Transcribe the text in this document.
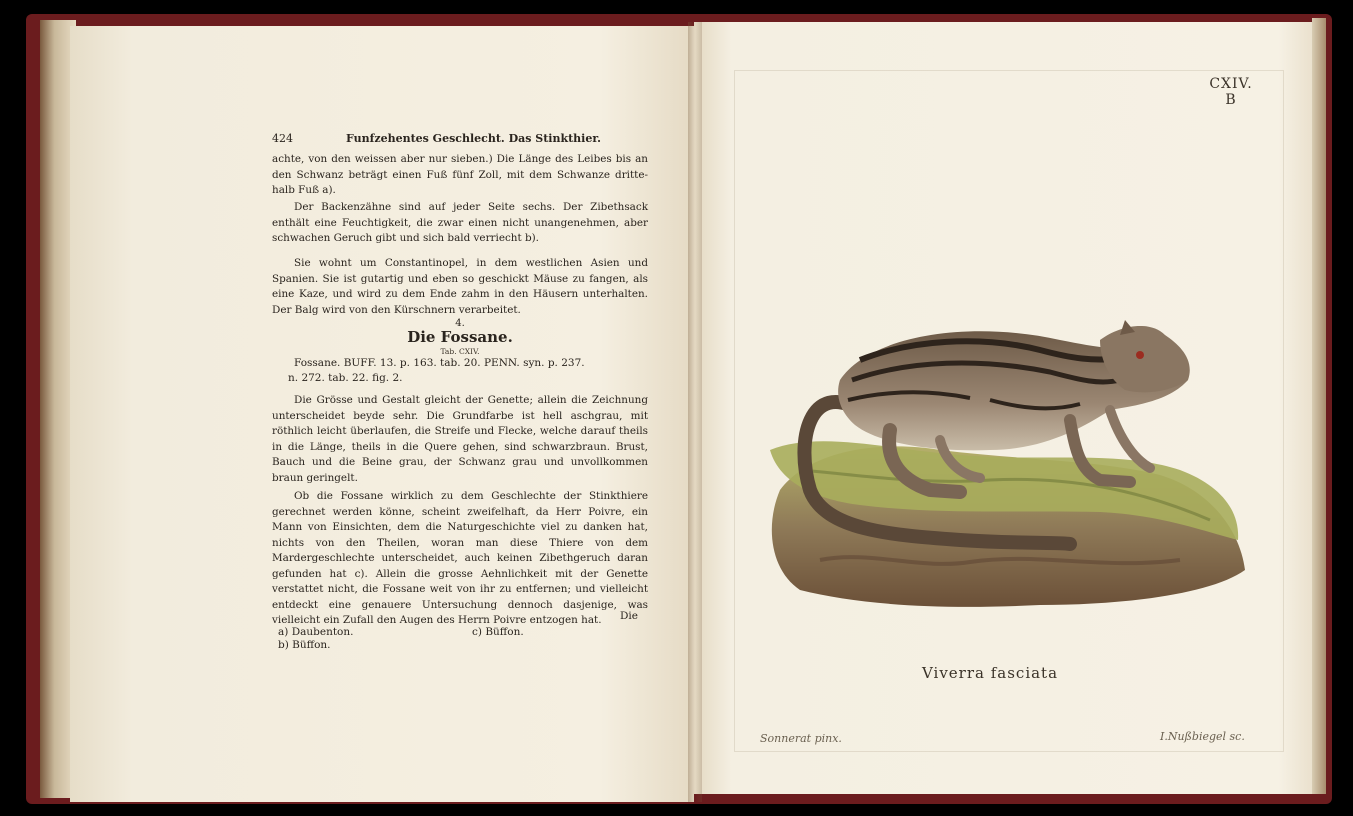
424	Funfzehentes Geschlecht. Das Stinkthier.

achte, von den weissen aber nur sieben.) Die Länge des Leibes bis an den Schwanz beträgt einen Fuß fünf Zoll, mit dem Schwanze dritte-halb Fuß a).

Der Backenzähne sind auf jeder Seite sechs. Der Zibethsack enthält eine Feuchtigkeit, die zwar einen nicht unangenehmen, aber schwachen Geruch gibt und sich bald verriecht b).

Sie wohnt um Constantinopel, in dem westlichen Asien und Spanien. Sie ist gutartig und eben so geschickt Mäuse zu fangen, als eine Kaze, und wird zu dem Ende zahm in den Häusern unterhalten. Der Balg wird von den Kürschnern verarbeitet.

4.
Die Fossane.
Tab. CXIV.
Fossane. BUFF. 13. p. 163. tab. 20. PENN. syn. p. 237.
n. 272. tab. 22. fig. 2.

Die Grösse und Gestalt gleicht der Genette; allein die Zeichnung unterscheidet beyde sehr. Die Grundfarbe ist hell aschgrau, mit röthlich leicht überlaufen, die Streife und Flecke, welche darauf theils in die Länge, theils in die Quere gehen, sind schwarzbraun. Brust, Bauch und die Beine grau, der Schwanz grau und unvollkommen braun geringelt.

Ob die Fossane wirklich zu dem Geschlechte der Stinkthiere gerechnet werden könne, scheint zweifelhaft, da Herr Poivre, ein Mann von Einsichten, dem die Naturgeschichte viel zu danken hat, nichts von den Theilen, woran man diese Thiere von dem Mardergeschlechte unterscheidet, auch keinen Zibethgeruch daran gefunden hat c). Allein die grosse Aehnlichkeit mit der Genette verstattet nicht, die Fossane weit von ihr zu entfernen; und vielleicht entdeckt eine genauere Untersuchung dennoch dasjenige, was vielleicht ein Zufall den Augen des Herrn Poivre entzogen hat.	Die
a) Daubenton.
b) Büffon.
c) Büffon.
CXIV.
B
Viverra fasciata
Sonnerat pinx.	I.Nußbiegel sc.
